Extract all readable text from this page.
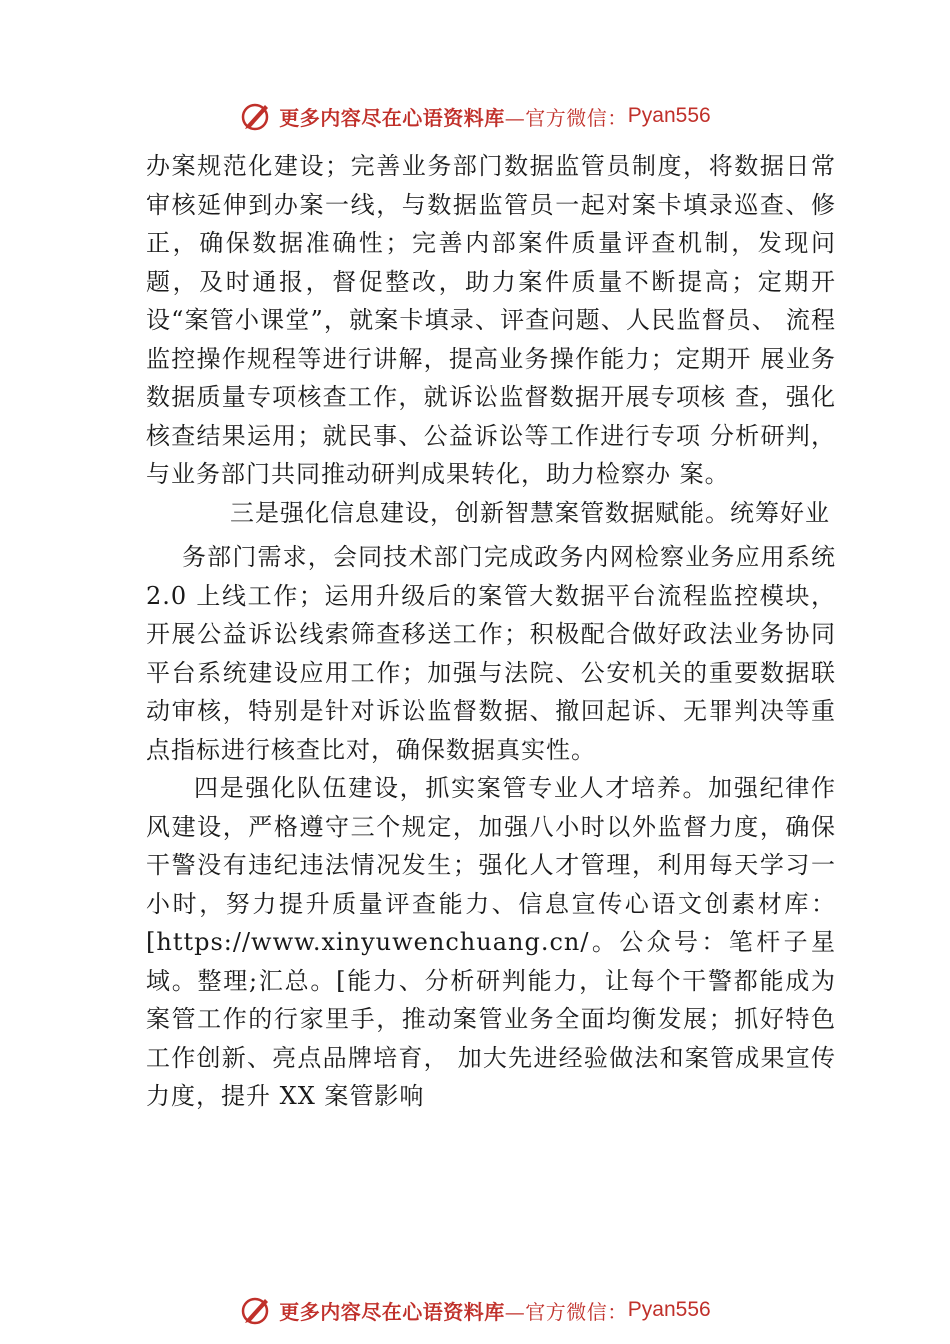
更多内容尽在心语资料库 —官方微信： Pyan556

办案规范化建设；完善业务部门数据监管员制度，将数据日常审核延伸到办案一线，与数据监管员一起对案卡填录巡查、修正，确保数据准确性；完善内部案件质量评查机制，发现问题，及时通报，督促整改，助力案件质量不断提高；定期开设“案管小课堂”，就案卡填录、评查问题、人民监督员、 流程监控操作规程等进行讲解，提高业务操作能力；定期开 展业务数据质量专项核查工作，就诉讼监督数据开展专项核 查，强化核查结果运用；就民事、公益诉讼等工作进行专项 分析研判，与业务部门共同推动研判成果转化，助力检察办 案。

三是强化信息建设，创新智慧案管数据赋能。统筹好业

务部门需求，会同技术部门完成政务内网检察业务应用系统2.0 上线工作；运用升级后的案管大数据平台流程监控模块，开展公益诉讼线索筛查移送工作；积极配合做好政法业务协同平台系统建设应用工作；加强与法院、公安机关的重要数据联动审核，特别是针对诉讼监督数据、撤回起诉、无罪判决等重点指标进行核查比对，确保数据真实性。

四是强化队伍建设，抓实案管专业人才培养。加强纪律作风建设，严格遵守三个规定，加强八小时以外监督力度，确保干警没有违纪违法情况发生；强化人才管理，利用每天学习一小时，努力提升质量评查能力、信息宣传心语文创素材库：[https://www.xinyuwenchuang.cn/。公众号：笔杆子星域。整理;汇总。[能力、分析研判能力，让每个干警都能成为案管工作的行家里手，推动案管业务全面均衡发展；抓好特色工作创新、亮点品牌培育， 加大先进经验做法和案管成果宣传力度，提升 XX 案管影响

更多内容尽在心语资料库 —官方微信： Pyan556
